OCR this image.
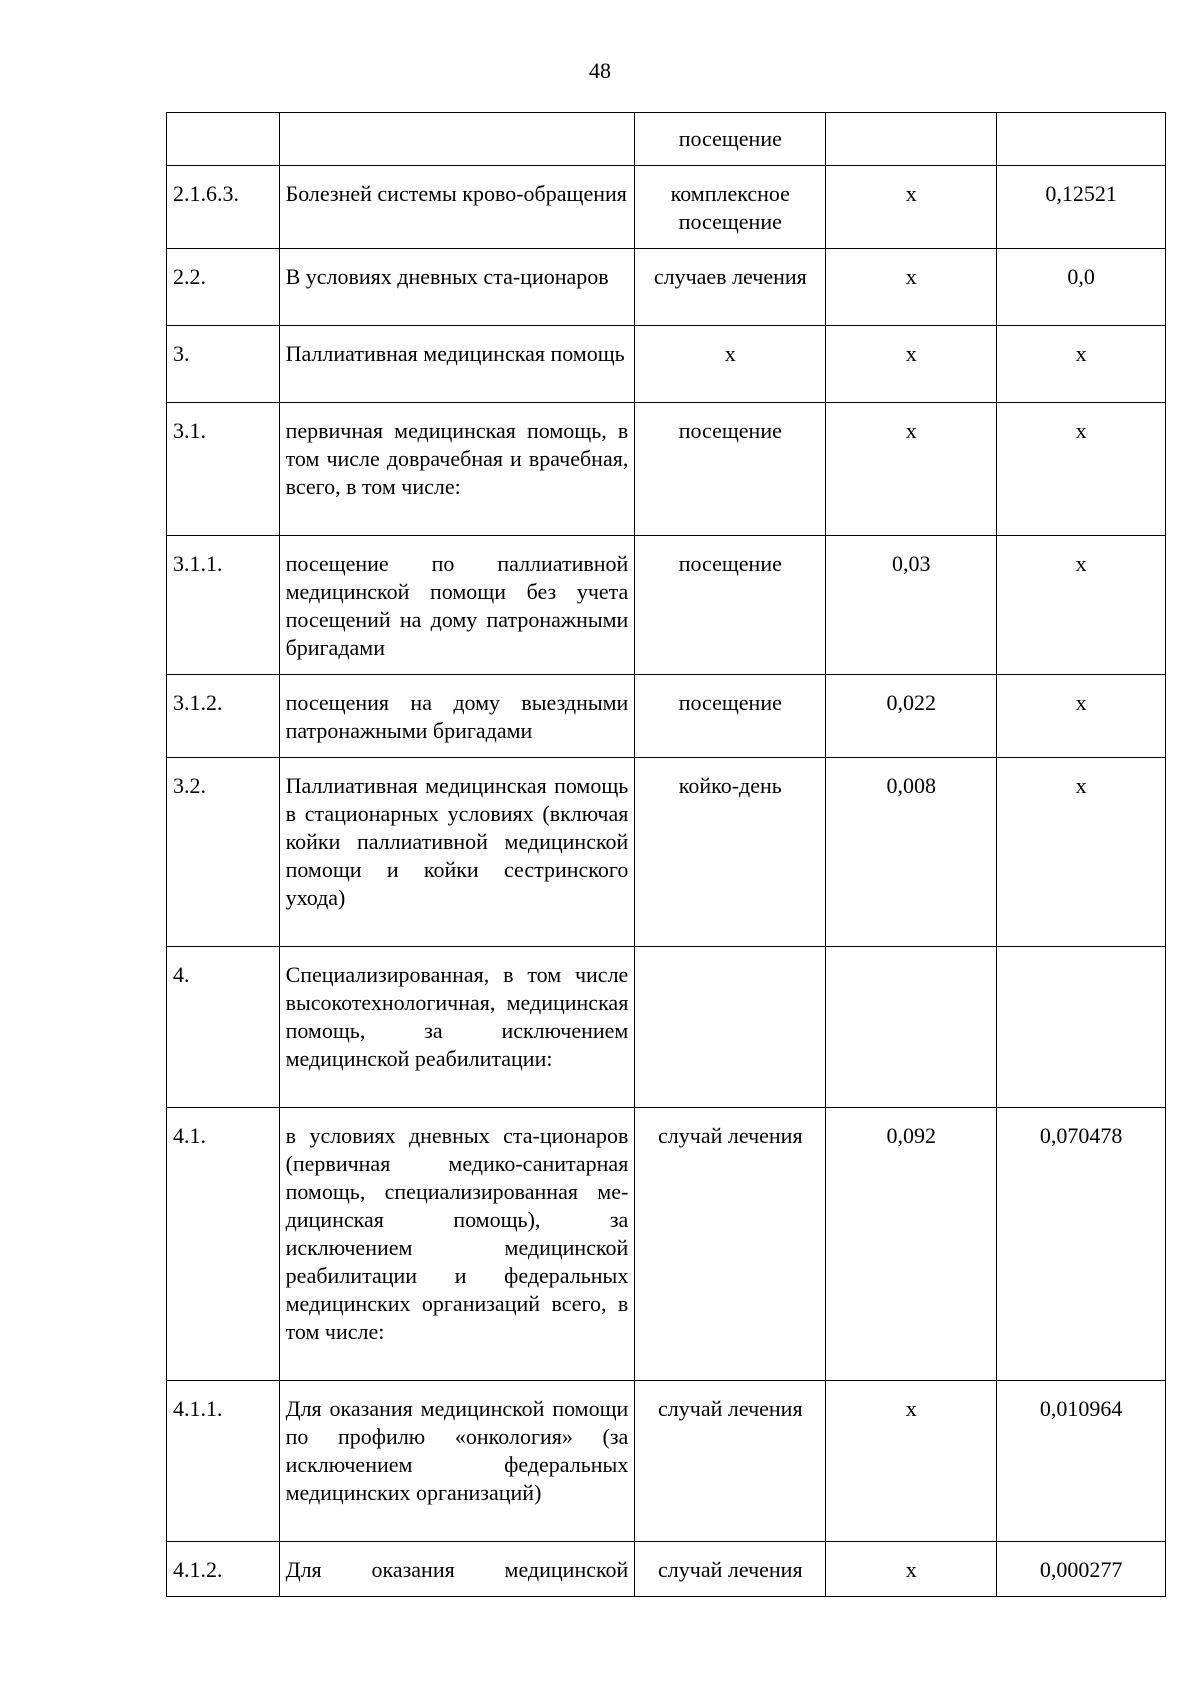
48
		посещение		
2.1.6.3.	Болезней системы крово-обращения	комплексное посещение	х	0,12521
2.2.	В условиях дневных ста-ционаров	случаев лечения	х	0,0
3.	Паллиативная медицинская помощь	х	х	х
3.1.	первичная медицинская помощь, в том числе доврачебная и врачебная, всего, в том числе:	посещение	х	х
3.1.1.	посещение по паллиативной медицинской помощи без учета посещений на дому патронажными бригадами	посещение	0,03	х
3.1.2.	посещения на дому выездными патронажными бригадами	посещение	0,022	х
3.2.	Паллиативная медицинская помощь в стационарных условиях (включая койки паллиативной медицинской помощи и койки сестринского ухода)	койко-день	0,008	х
4.	Специализированная, в том числе высокотехнологичная, медицинская помощь, за исключением медицинской реабилитации:			
4.1.	в условиях дневных ста-ционаров (первичная медико-санитарная помощь, специализированная ме-дицинская помощь), за исключением медицинской реабилитации и федеральных медицинских организаций всего, в том числе:	случай лечения	0,092	0,070478
4.1.1.	Для оказания медицинской помощи по профилю «онкология» (за исключением федеральных медицинских организаций)	случай лечения	х	0,010964
4.1.2.	Для оказания медицинской	случай лечения	х	0,000277
